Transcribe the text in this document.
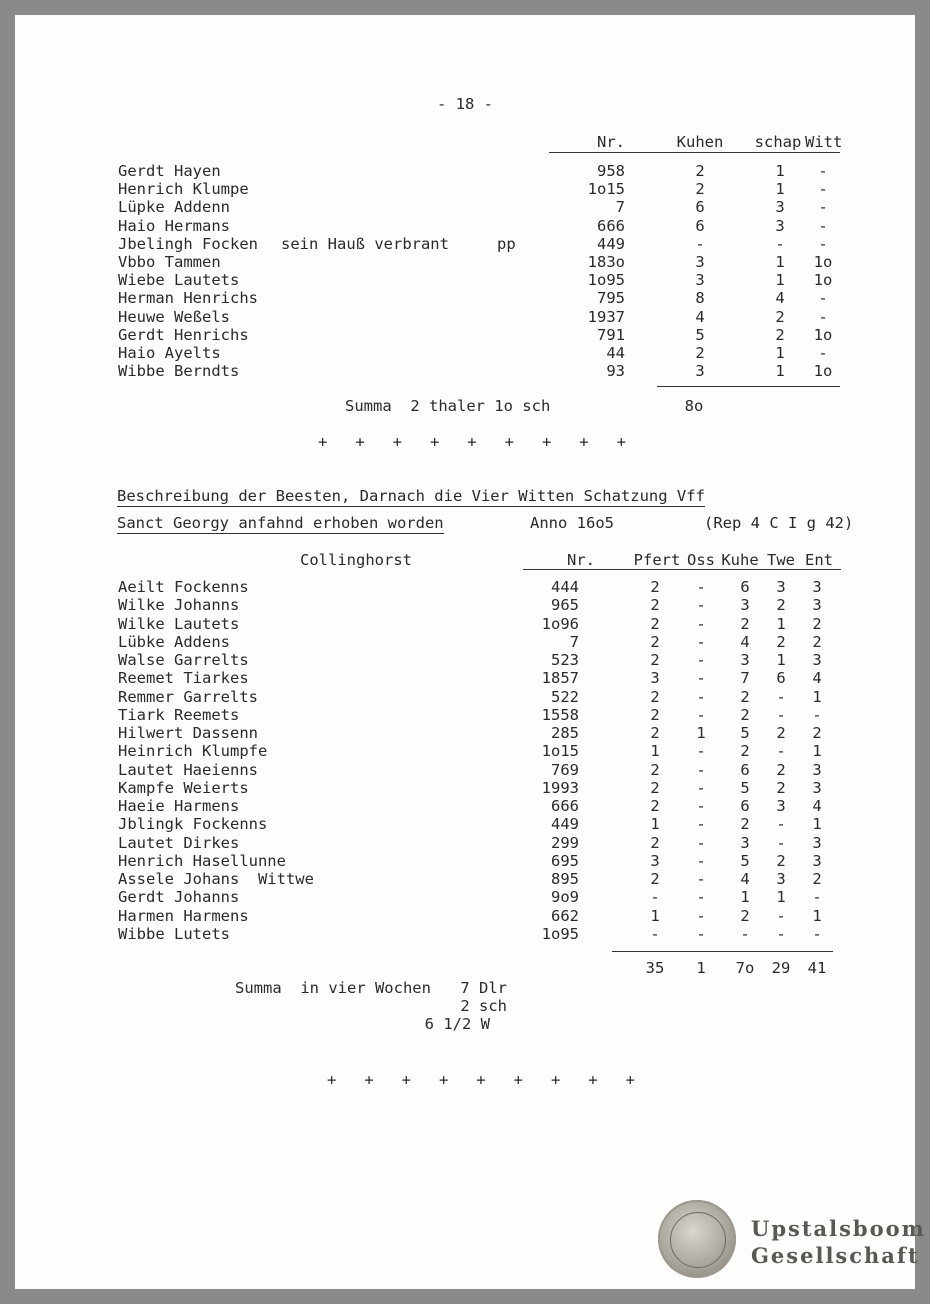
- 18 -
Summa  2 thaler 1o sch	8o
+   +   +   +   +   +   +   +   +
Beschreibung der Beesten, Darnach die Vier Witten Schatzung Vff
Sanct Georgy anfahnd erhoben worden	Anno 16o5	(Rep 4 C I g 42)
Collinghorst
Summa  in vier Wochen	7 Dlr
2 sch
6 1/2 W
+   +   +   +   +   +   +   +   +
Upstalsboom
Gesellschaft
Nr.	Kuhen	schap Witt
Gerdt Hayen	958	2	1	-
Henrich Klumpe	1o15	2	1	-
Lüpke Addenn	7	6	3	-
Haio Hermans	666	6	3	-
Jbelingh Focken sein Hauß verbrant	pp	449	-	-	-
Vbbo Tammen	183o	3	1	1o
Wiebe Lautets	1o95	3	1	1o
Herman Henrichs	795	8	4	-
Heuwe Weßels	1937	4	2	-
Gerdt Henrichs	791	5	2	1o
Haio Ayelts	44	2	1	-
Wibbe Berndts	93	3	1	1o
Nr.	Pfert Oss Kuhe Twe Ent
Aeilt Fockenns	444	2	-	6	3	3
Wilke Johanns	965	2	-	3	2	3
Wilke Lautets	1o96	2	-	2	1	2
Lübke Addens	7	2	-	4	2	2
Walse Garrelts	523	2	-	3	1	3
Reemet Tiarkes	1857	3	-	7	6	4
Remmer Garrelts	522	2	-	2	-	1
Tiark Reemets	1558	2	-	2	-	-
Hilwert Dassenn	285	2	1	5	2	2
Heinrich Klumpfe	1o15	1	-	2	-	1
Lautet Haeienns	769	2	-	6	2	3
Kampfe Weierts	1993	2	-	5	2	3
Haeie Harmens	666	2	-	6	3	4
Jblingk Fockenns	449	1	-	2	-	1
Lautet Dirkes	299	2	-	3	-	3
Henrich Hasellunne	695	3	-	5	2	3
Assele Johans  Wittwe	895	2	-	4	3	2
Gerdt Johanns	9o9	-	-	1	1	-
Harmen Harmens	662	1	-	2	-	1
Wibbe Lutets	1o95	-	-	-	-	-
35	1	7o	29	41
